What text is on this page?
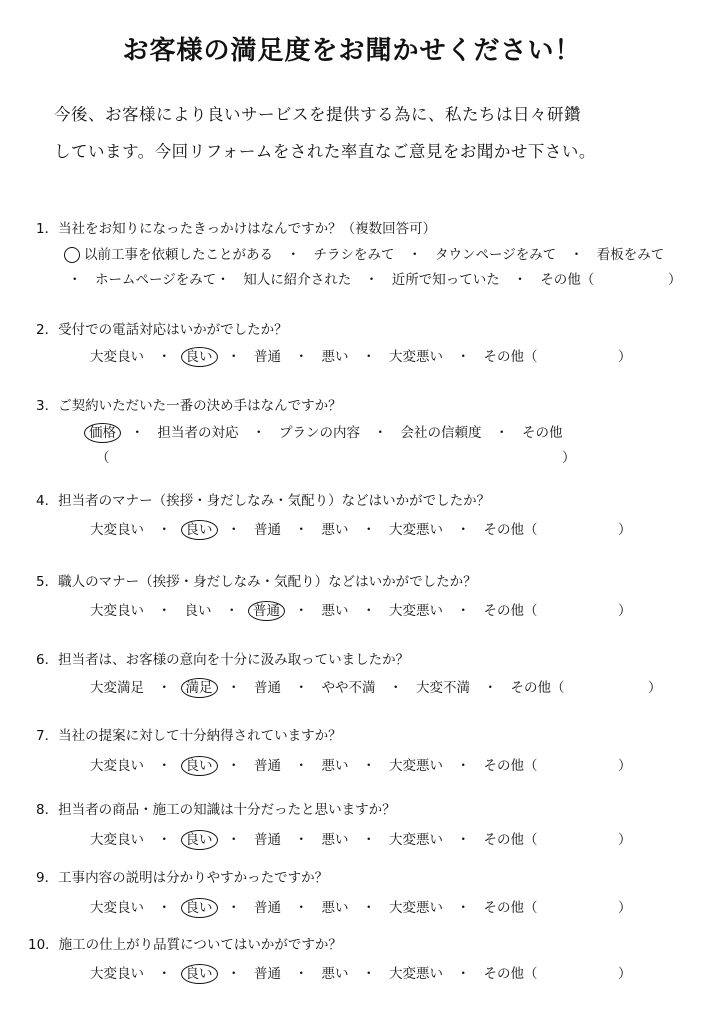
お客様の満足度をお聞かせください！
今後、お客様により良いサービスを提供する為に、私たちは日々研鑽
しています。今回リフォームをされた率直なご意見をお聞かせ下さい。
1．当社をお知りになったきっかけはなんですか？（複数回答可）
以前工事を依頼したことがある　・　チラシをみて　・　タウンページをみて　・　看板をみて
・　ホームページをみて・　知人に紹介された　・　近所で知っていた　・　その他（	）
2．受付での電話対応はいかがでしたか？
大変良い　 ・　 良い　 ・　 普通　 ・　 悪い　 ・　 大変悪い　 ・　 その他（	）
3．ご契約いただいた一番の決め手はなんですか？
価格　 ・　担当者の対応　・　プランの内容　・　会社の信頼度　・　その他
（	）
4．担当者のマナー（挨拶・身だしなみ・気配り）などはいかがでしたか？
大変良い　 ・　 良い　 ・　 普通　 ・　 悪い　 ・　 大変悪い　 ・　 その他（	）
5．職人のマナー（挨拶・身だしなみ・気配り）などはいかがでしたか？
大変良い　 ・　 良い　 ・　 普通　 ・　 悪い　 ・　 大変悪い　 ・　 その他（	）
6．担当者は、お客様の意向を十分に汲み取っていましたか？
大変満足　 ・　 満足　 ・　 普通　 ・　 やや不満　 ・　 大変不満　 ・　 その他（	）
7．当社の提案に対して十分納得されていますか？
大変良い　 ・　 良い　 ・　 普通　 ・　 悪い　 ・　 大変悪い　 ・　 その他（	）
8．担当者の商品・施工の知識は十分だったと思いますか？
大変良い　 ・　 良い　 ・　 普通　 ・　 悪い　 ・　 大変悪い　 ・　 その他（	）
9．工事内容の説明は分かりやすかったですか？
大変良い　 ・　 良い　 ・　 普通　 ・　 悪い　 ・　 大変悪い　 ・　 その他（	）
10．施工の仕上がり品質についてはいかがですか？
大変良い　 ・　 良い　 ・　 普通　 ・　 悪い　 ・　 大変悪い　 ・　 その他（	）
